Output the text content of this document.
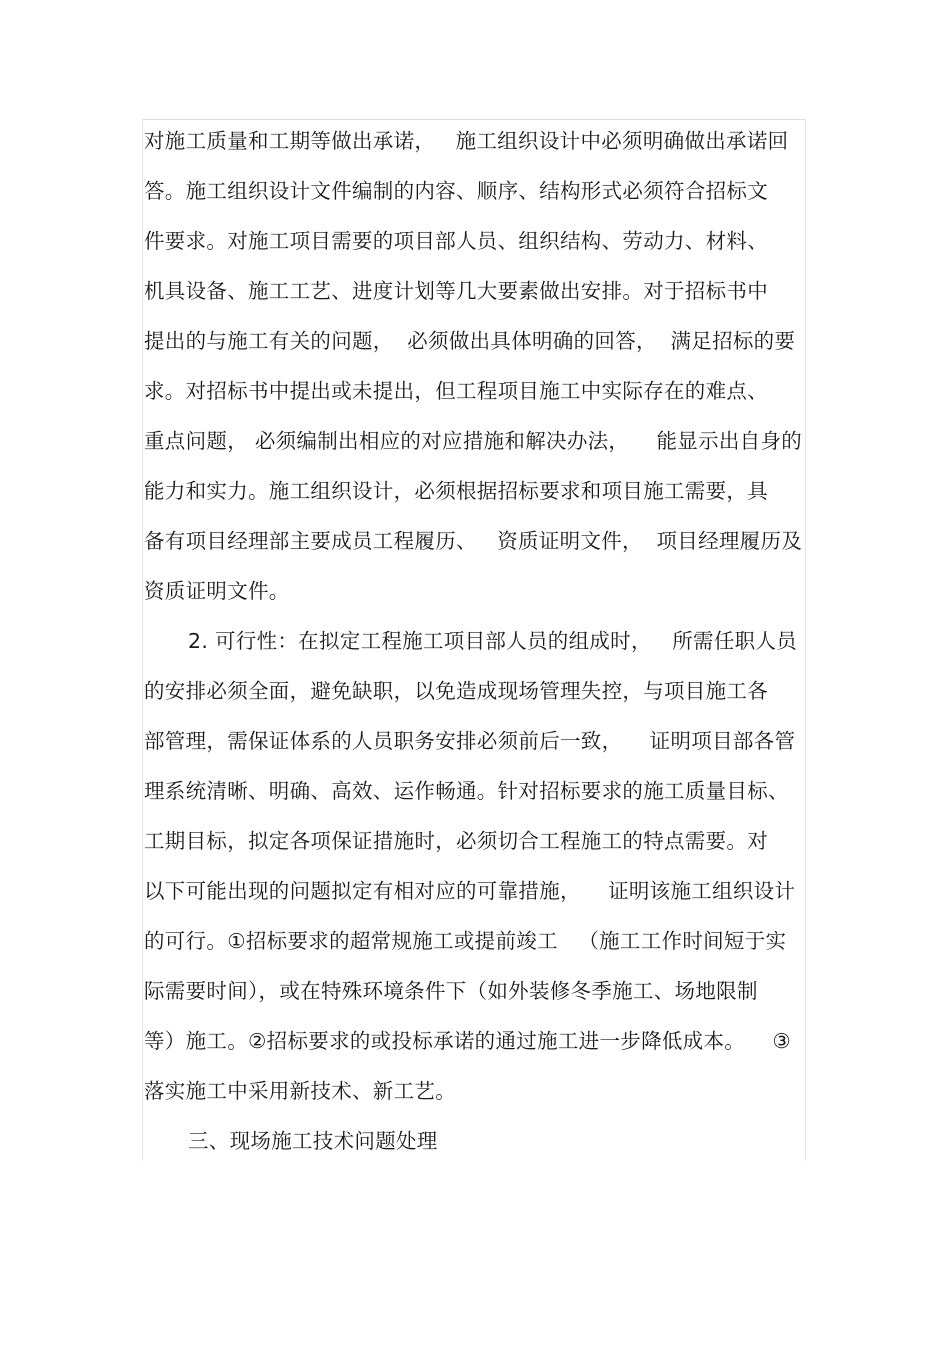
对施工质量和工期等做出承诺，   施工组织设计中必须明确做出承诺回
答。施工组织设计文件编制的内容、顺序、结构形式必须符合招标文
件要求。对施工项目需要的项目部人员、组织结构、劳动力、材料、
机具设备、施工工艺、进度计划等几大要素做出安排。对于招标书中
提出的与施工有关的问题，  必须做出具体明确的回答，  满足招标的要
求。对招标书中提出或未提出，但工程项目施工中实际存在的难点、
重点问题， 必须编制出相应的对应措施和解决办法，    能显示出自身的
能力和实力。施工组织设计，必须根据招标要求和项目施工需要，具
备有项目经理部主要成员工程履历、   资质证明文件，  项目经理履历及
资质证明文件。
2. 可行性：在拟定工程施工项目部人员的组成时，   所需任职人员
的安排必须全面，避免缺职，以免造成现场管理失控，与项目施工各
部管理，需保证体系的人员职务安排必须前后一致，    证明项目部各管
理系统清晰、明确、高效、运作畅通。针对招标要求的施工质量目标、
工期目标，拟定各项保证措施时，必须切合工程施工的特点需要。对
以下可能出现的问题拟定有相对应的可靠措施，    证明该施工组织设计
的可行。①招标要求的超常规施工或提前竣工   （施工工作时间短于实
际需要时间），或在特殊环境条件下（如外装修冬季施工、场地限制
等）施工。②招标要求的或投标承诺的通过施工进一步降低成本。    ③
落实施工中采用新技术、新工艺。
三、现场施工技术问题处理
